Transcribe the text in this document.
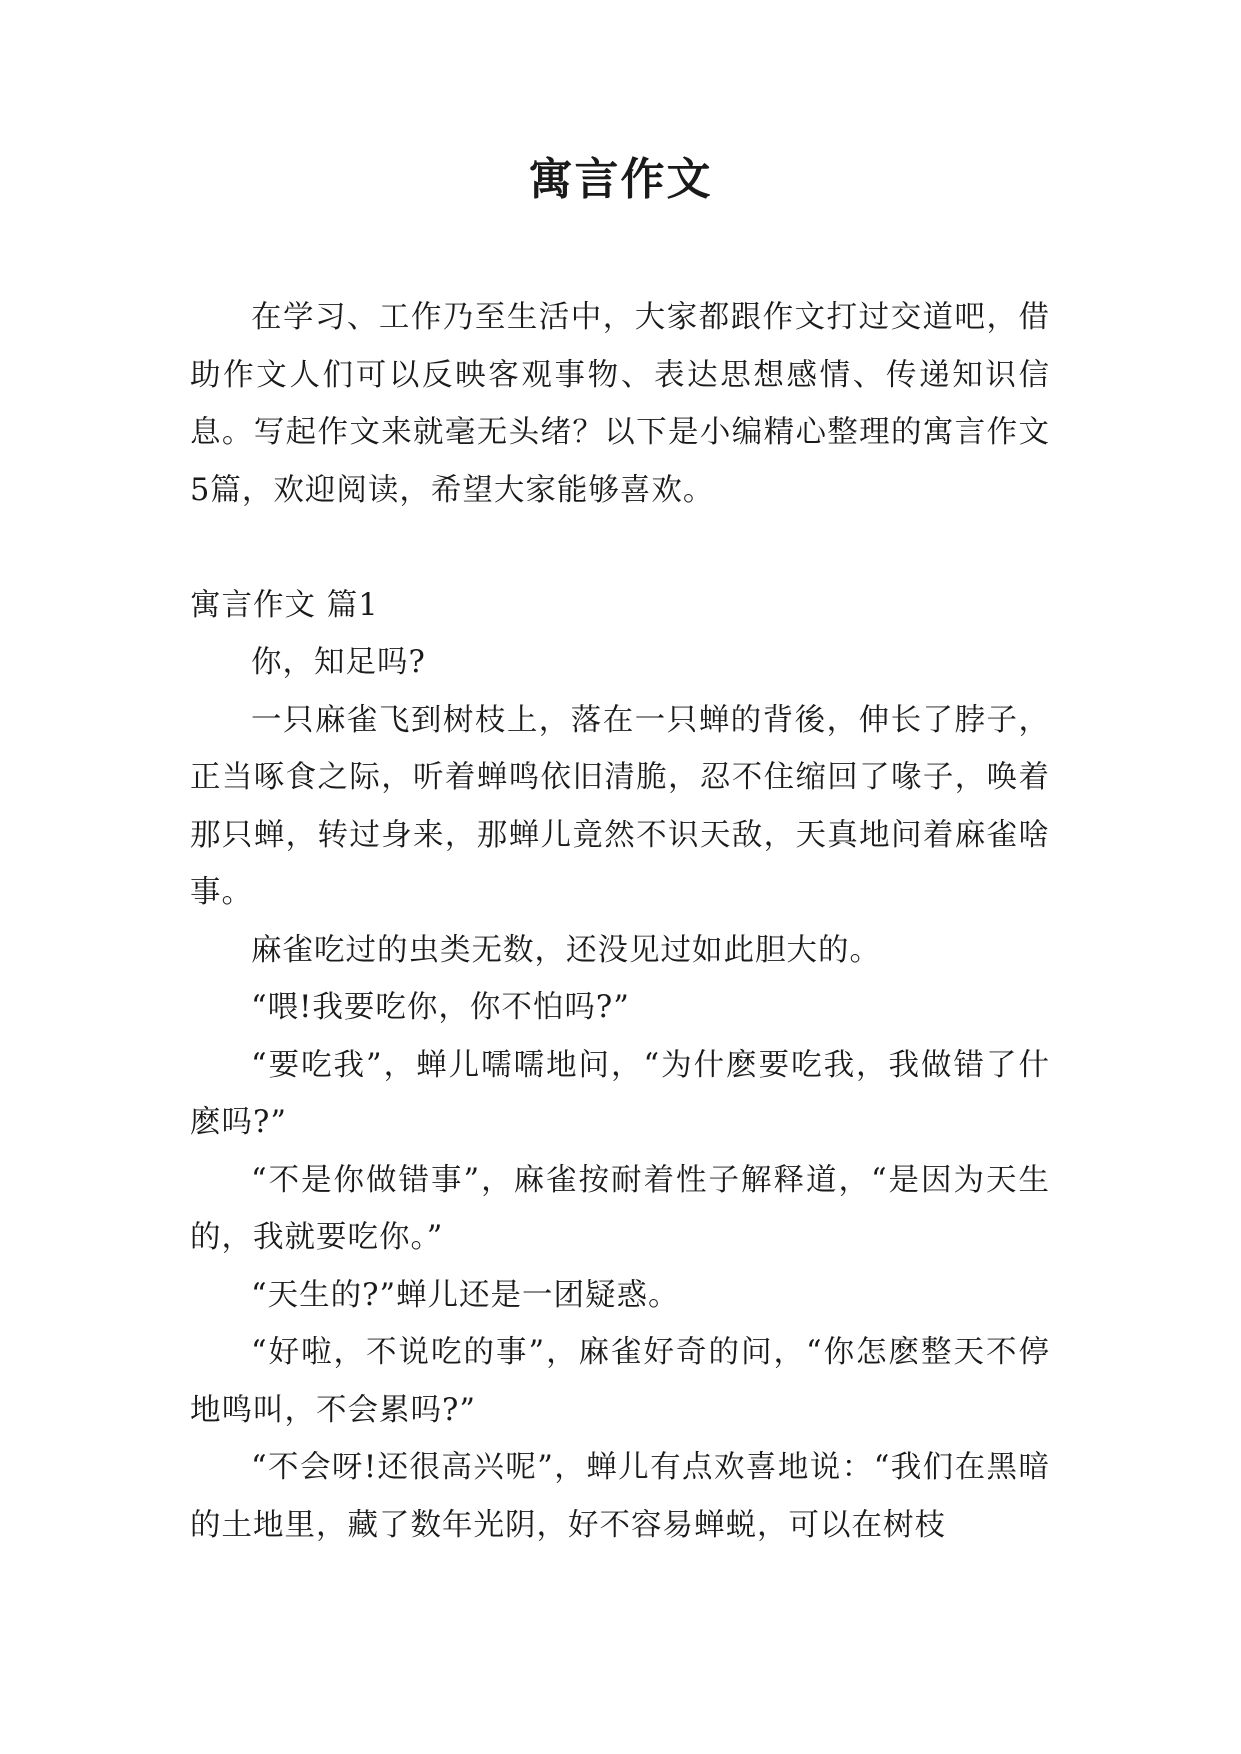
寓言作文

在学习、工作乃至生活中，大家都跟作文打过交道吧，借助作文人们可以反映客观事物、表达思想感情、传递知识信息。写起作文来就毫无头绪？以下是小编精心整理的寓言作文5篇，欢迎阅读，希望大家能够喜欢。

寓言作文 篇1

你，知足吗?

一只麻雀飞到树枝上，落在一只蝉的背後，伸长了脖子，正当啄食之际，听着蝉鸣依旧清脆，忍不住缩回了喙子，唤着那只蝉，转过身来，那蝉儿竟然不识天敌，天真地问着麻雀啥事。

麻雀吃过的虫类无数，还没见过如此胆大的。

“喂!我要吃你，你不怕吗?”

“要吃我”，蝉儿嚅嚅地问，“为什麽要吃我，我做错了什麽吗?”

“不是你做错事”，麻雀按耐着性子解释道，“是因为天生的，我就要吃你。”

“天生的?”蝉儿还是一团疑惑。

“好啦，不说吃的事”，麻雀好奇的问，“你怎麽整天不停地鸣叫，不会累吗?”

“不会呀!还很高兴呢”，蝉儿有点欢喜地说：“我们在黑暗的土地里，藏了数年光阴，好不容易蝉蜕，可以在树枝
